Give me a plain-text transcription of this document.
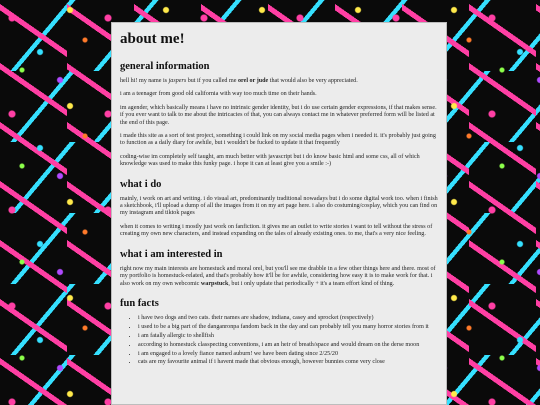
about me!
general information

hell hi! my name is jaspers but if you called me orel or jude that would also be very appreciated.

i am a teenager from good old california with way too much time on their hands.

im agender, which basically means i have no intrinsic gender identity, but i do use certain gender expressions, if that makes sense. if you ever want to talk to me about the intricacies of that, you can always contact me in whatever preferred form will be listed at the end of this page.

i made this site as a sort of test project, something i could link on my social media pages when i needed it. it's probably just going to function as a daily diary for awhile, but i wouldn't be fucked to update it that frequently

coding-wise im completely self taught, am much better with javascript but i do know basic html and some css, all of which knowledge was used to make this funky page. i hope it can at least give you a smile :-)

what i do

mainly, i work on art and writing. i do visual art, predominantly traditional nowadays but i do some digital work too. when i finish a sketchbook, i'll upload a dump of all the images from it on my art page here. i also do costuming/cosplay, which you can find on my instagram and tiktok pages

when it comes to writing i mostly just work on fanfiction. it gives me an outlet to write stories i want to tell without the stress of creating my own new characters, and instead expanding on the tales of already existing ones. to me, that's a very nice feeling.

what i am interested in

right now my main interests are homestuck and moral orel, but you'll see me drabble in a few other things here and there. most of my portfolio is homestuck-related, and that's probably how it'll be for awhile, considering how easy it is to make work for that. i also work on my own webcomic warpstuck, but i only update that periodically + it's a team effort kind of thing.

fun facts
• i have two dogs and two cats. their names are shadow, indiana, casey and sprocket (respectively)
• i used to be a big part of the danganronpa fandom back in the day and can probably tell you many horror stories from it
• i am fatally allergic to shellfish
• according to homestuck classpecting conventions, i am an heir of breath/space and would dream on the derse moon
• i am engaged to a lovely fiance named auburn! we have been dating since 2/25/20
• cats are my favourite animal if i havent made that obvious enough, however bunnies come very close
